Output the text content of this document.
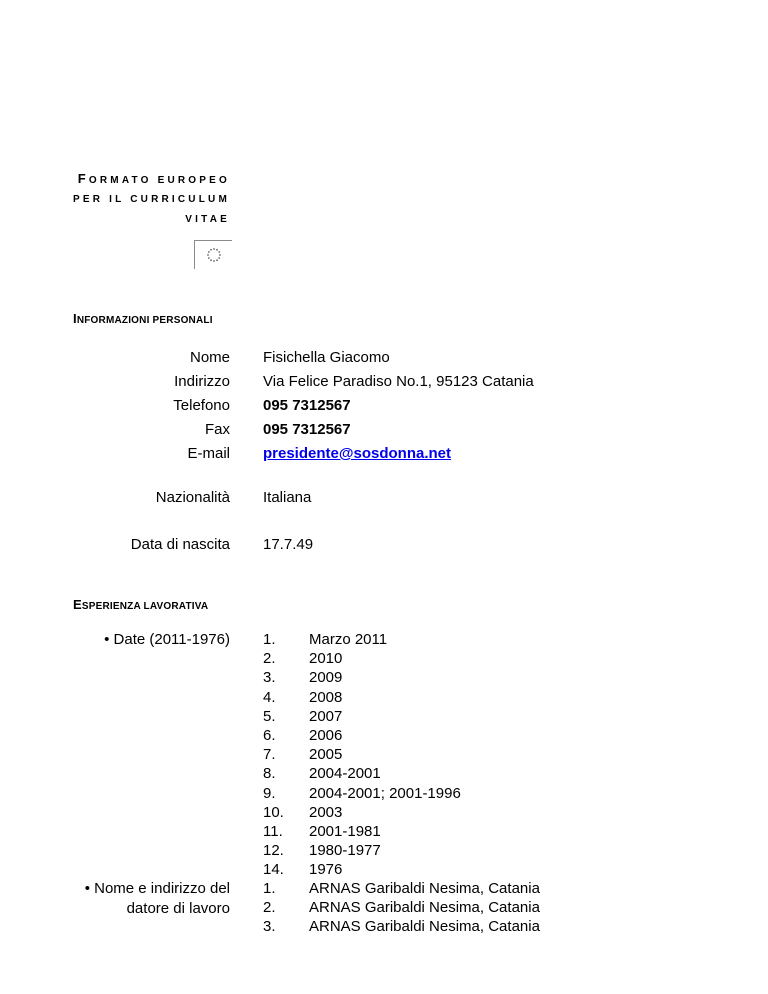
FORMATO EUROPEO
PER IL CURRICULUM
VITAE
INFORMAZIONI PERSONALI
Nome Fisichella Giacomo
Indirizzo Via Felice Paradiso No.1, 95123 Catania
Telefono 095 7312567
Fax 095 7312567
E-mail presidente@sosdonna.net
Nazionalità Italiana
Data di nascita 17.7.49
ESPERIENZA LAVORATIVA
• Date (2011-1976) 1. Marzo 2011
2. 2010
3. 2009
4. 2008
5. 2007
6. 2006
7. 2005
8. 2004-2001
9. 2004-2001; 2001-1996
10. 2003
11. 2001-1981
12. 1980-1977
14. 1976
• Nome e indirizzo del
datore di lavoro
1. ARNAS Garibaldi Nesima, Catania
2. ARNAS Garibaldi Nesima, Catania
3. ARNAS Garibaldi Nesima, Catania
